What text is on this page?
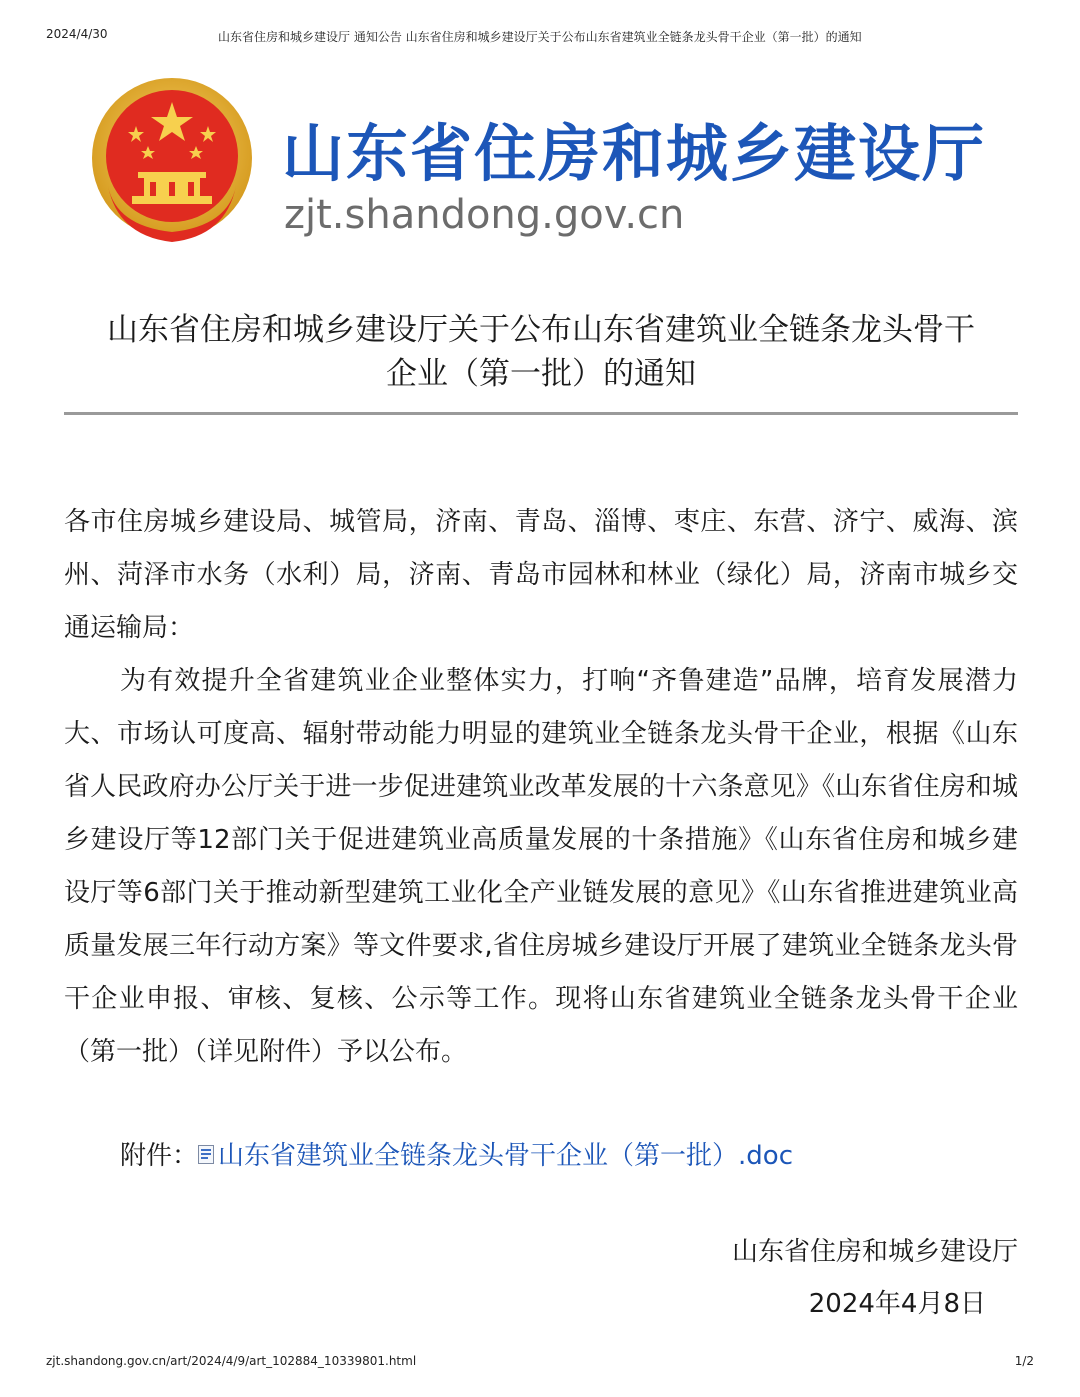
2024/4/30	山东省住房和城乡建设厅 通知公告 山东省住房和城乡建设厅关于公布山东省建筑业全链条龙头骨干企业（第一批）的通知
山东省住房和城乡建设厅
zjt.shandong.gov.cn
山东省住房和城乡建设厅关于公布山东省建筑业全链条龙头骨干
企业（第一批）的通知

各市住房城乡建设局、城管局，济南、青岛、淄博、枣庄、东营、济宁、威海、滨州、菏泽市水务（水利）局，济南、青岛市园林和林业（绿化）局，济南市城乡交通运输局：

为有效提升全省建筑业企业整体实力，打响“齐鲁建造”品牌，培育发展潜力大、市场认可度高、辐射带动能力明显的建筑业全链条龙头骨干企业，根据《山东省人民政府办公厅关于进一步促进建筑业改革发展的十六条意见》《山东省住房和城乡建设厅等12部门关于促进建筑业高质量发展的十条措施》《山东省住房和城乡建设厅等6部门关于推动新型建筑工业化全产业链发展的意见》《山东省推进建筑业高质量发展三年行动方案》等文件要求,省住房城乡建设厅开展了建筑业全链条龙头骨干企业申报、审核、复核、公示等工作。现将山东省建筑业全链条龙头骨干企业（第一批）（详见附件）予以公布。

附件： 山东省建筑业全链条龙头骨干企业（第一批）.doc
山东省住房和城乡建设厅
2024年4月8日
zjt.shandong.gov.cn/art/2024/4/9/art_102884_10339801.html	1/2
